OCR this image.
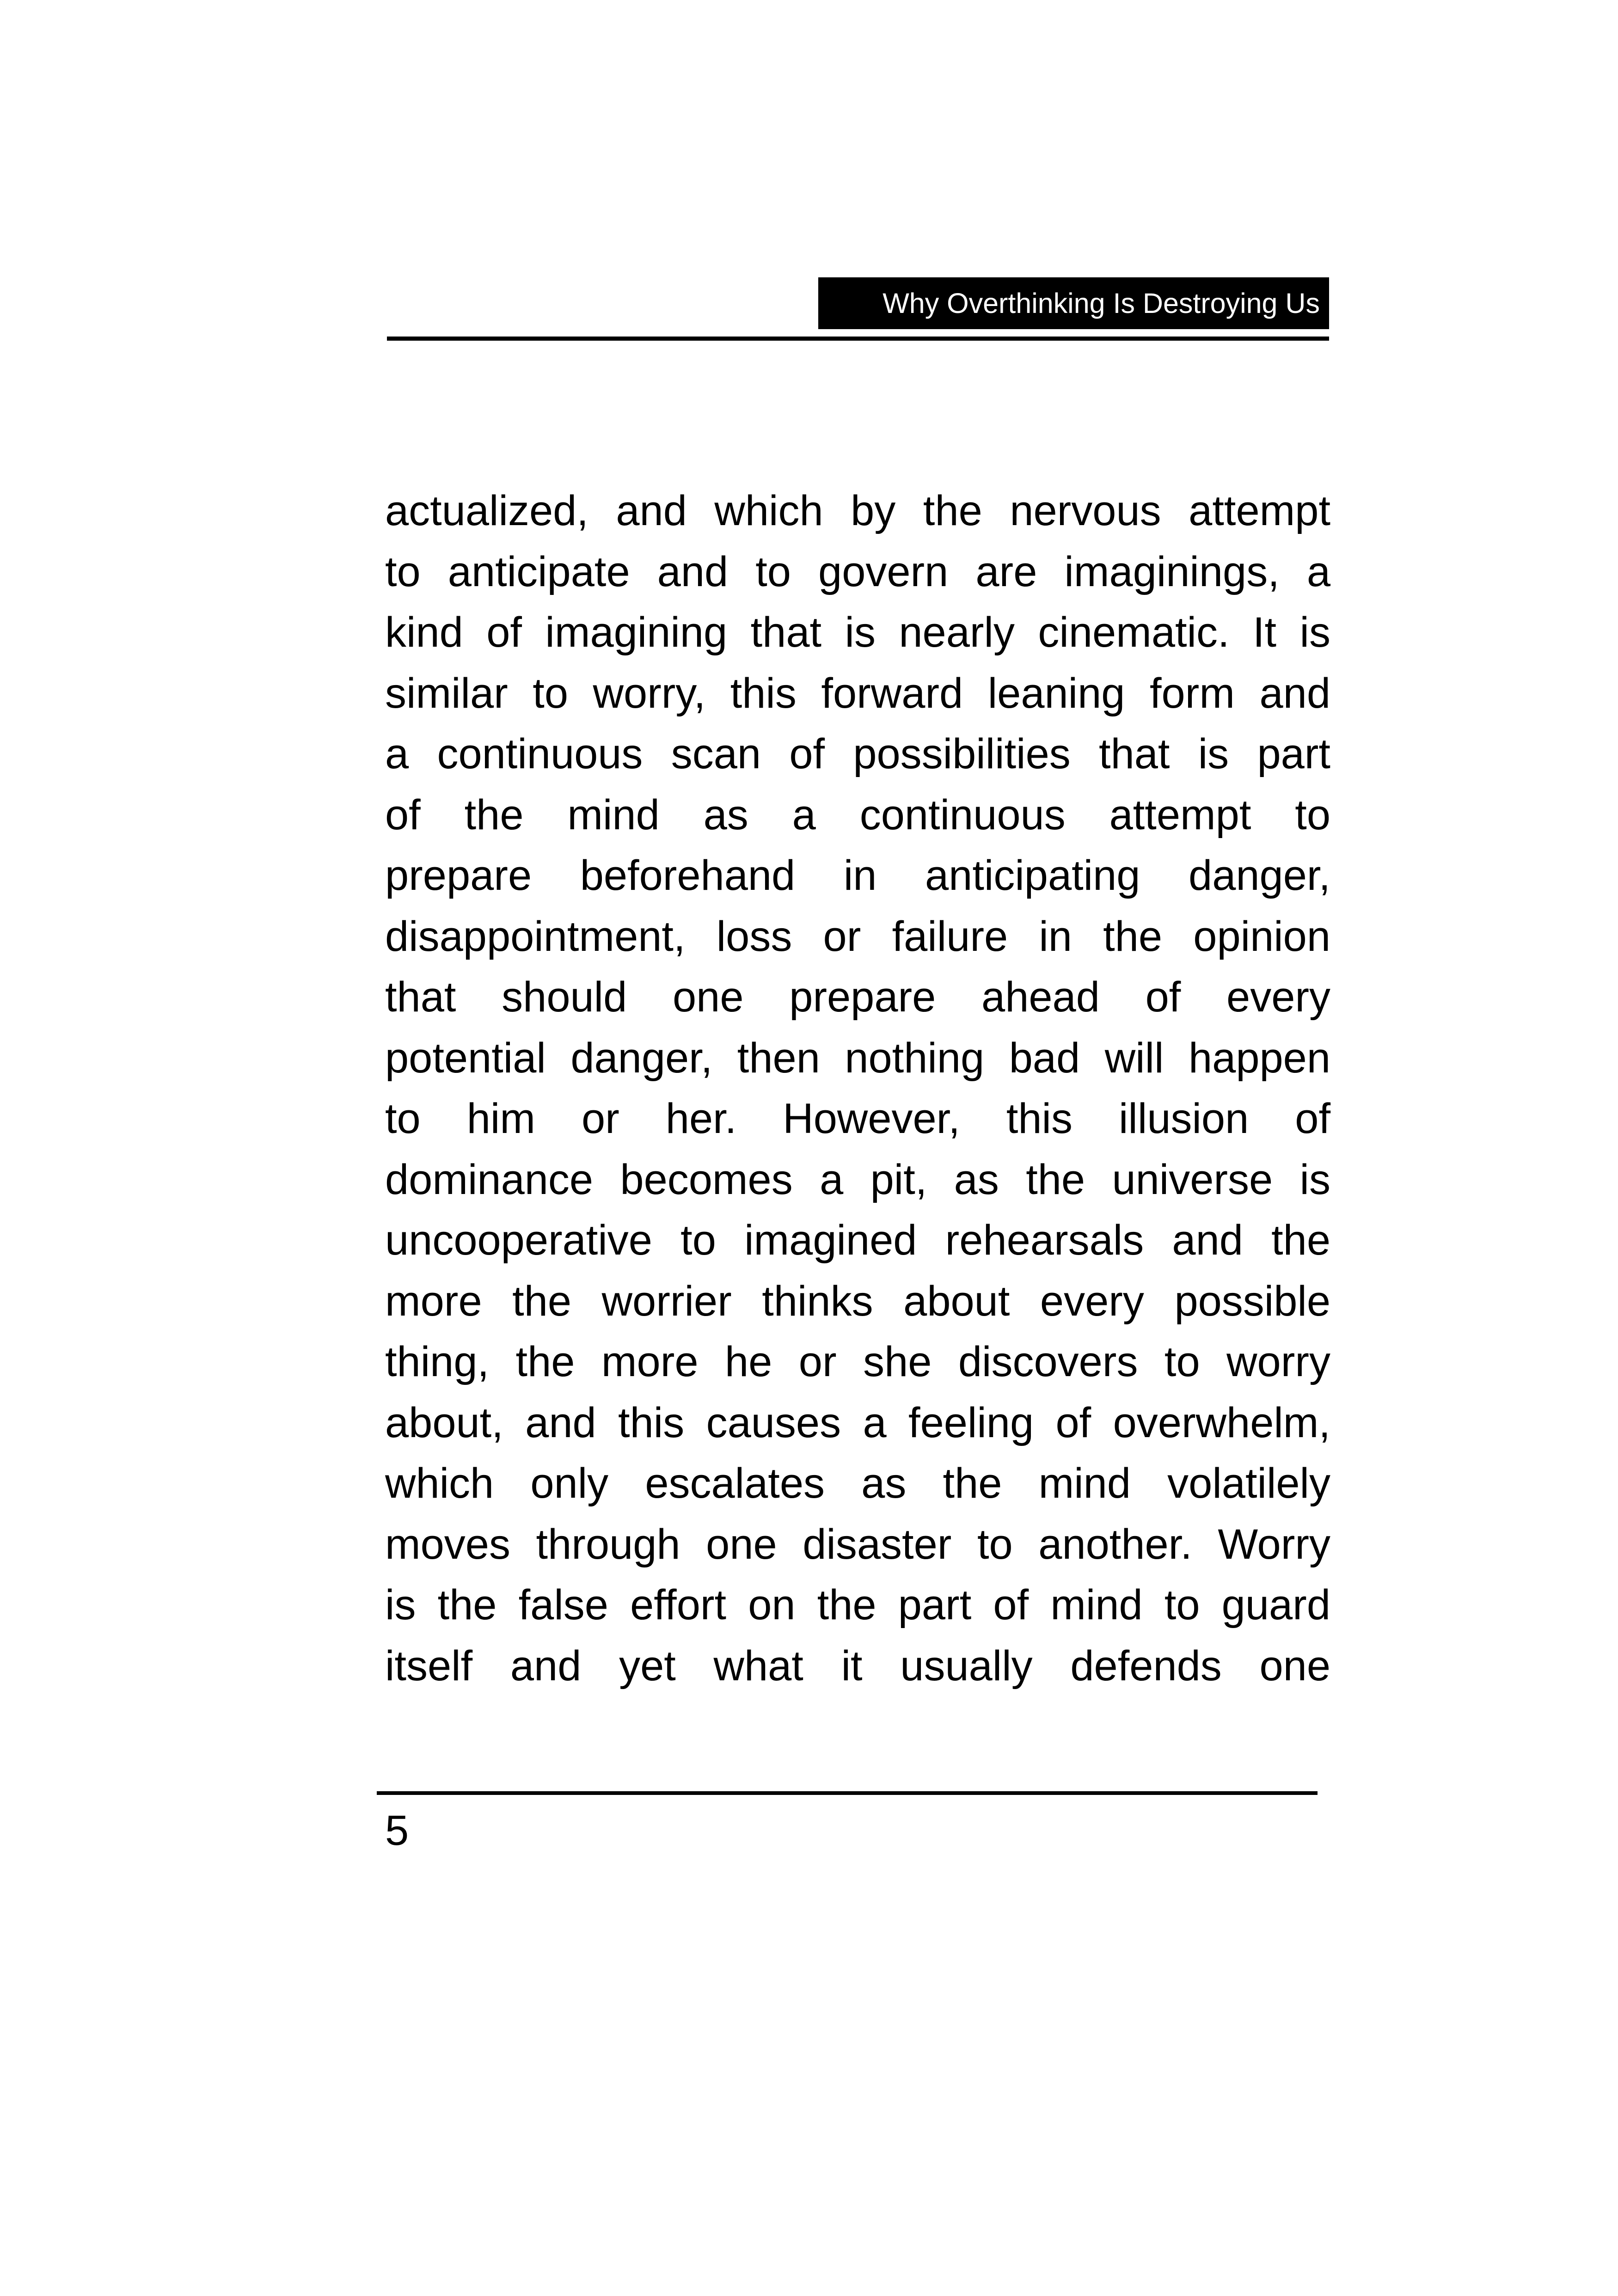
Why Overthinking Is Destroying Us
actualized, and which by the nervous attempt
to anticipate and to govern are imaginings, a
kind of imagining that is nearly cinematic. It is
similar to worry, this forward leaning form and
a continuous scan of possibilities that is part
of the mind as a continuous attempt to
prepare beforehand in anticipating danger,
disappointment, loss or failure in the opinion
that should one prepare ahead of every
potential danger, then nothing bad will happen
to him or her. However, this illusion of
dominance becomes a pit, as the universe is
uncooperative to imagined rehearsals and the
more the worrier thinks about every possible
thing, the more he or she discovers to worry
about, and this causes a feeling of overwhelm,
which only escalates as the mind volatilely
moves through one disaster to another. Worry
is the false effort on the part of mind to guard
itself and yet what it usually defends one
5
